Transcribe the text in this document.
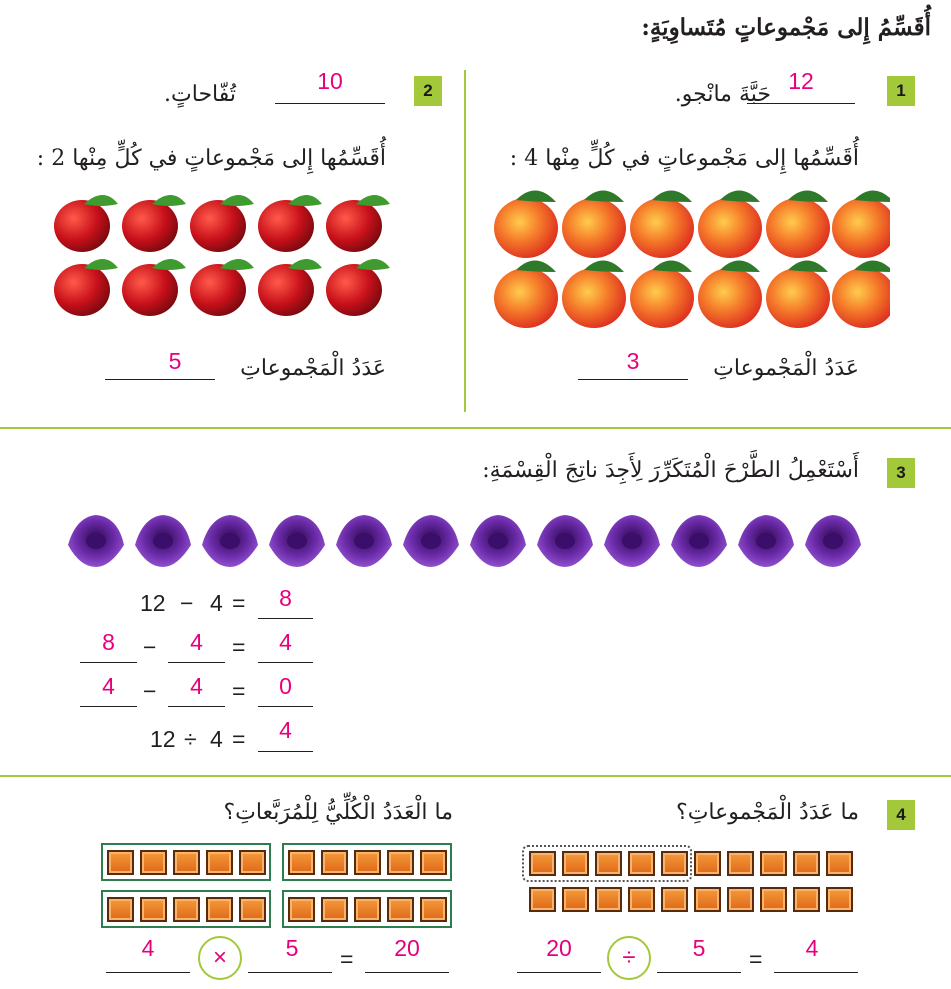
أُقَسِّمُ إِلى مَجْموعاتٍ مُتَساوِيَةٍ:
1
حَبَّةَ مانْجو.
12
أُقَسِّمُها إِلى مَجْموعاتٍ في كُلٍّ مِنْها 4 :
عَدَدُ الْمَجْموعاتِ
3
2
تُفّاحاتٍ.
10
أُقَسِّمُها إِلى مَجْموعاتٍ في كُلٍّ مِنْها 2 :
عَدَدُ الْمَجْموعاتِ
5
3
أَسْتَعْمِلُ الطَّرْحَ الْمُتَكَرِّرَ لِأَجِدَ ناتِجَ الْقِسْمَةِ:
12 − 4 =	8
8	−	4	=	4
4	−	4	=	0
12 ÷ 4 =	4
4
ما عَدَدُ الْمَجْموعاتِ؟
ما الْعَدَدُ الْكُلِّيُّ لِلْمُرَبَّعاتِ؟
20	÷	5	=	4
4	×	5	=	20
